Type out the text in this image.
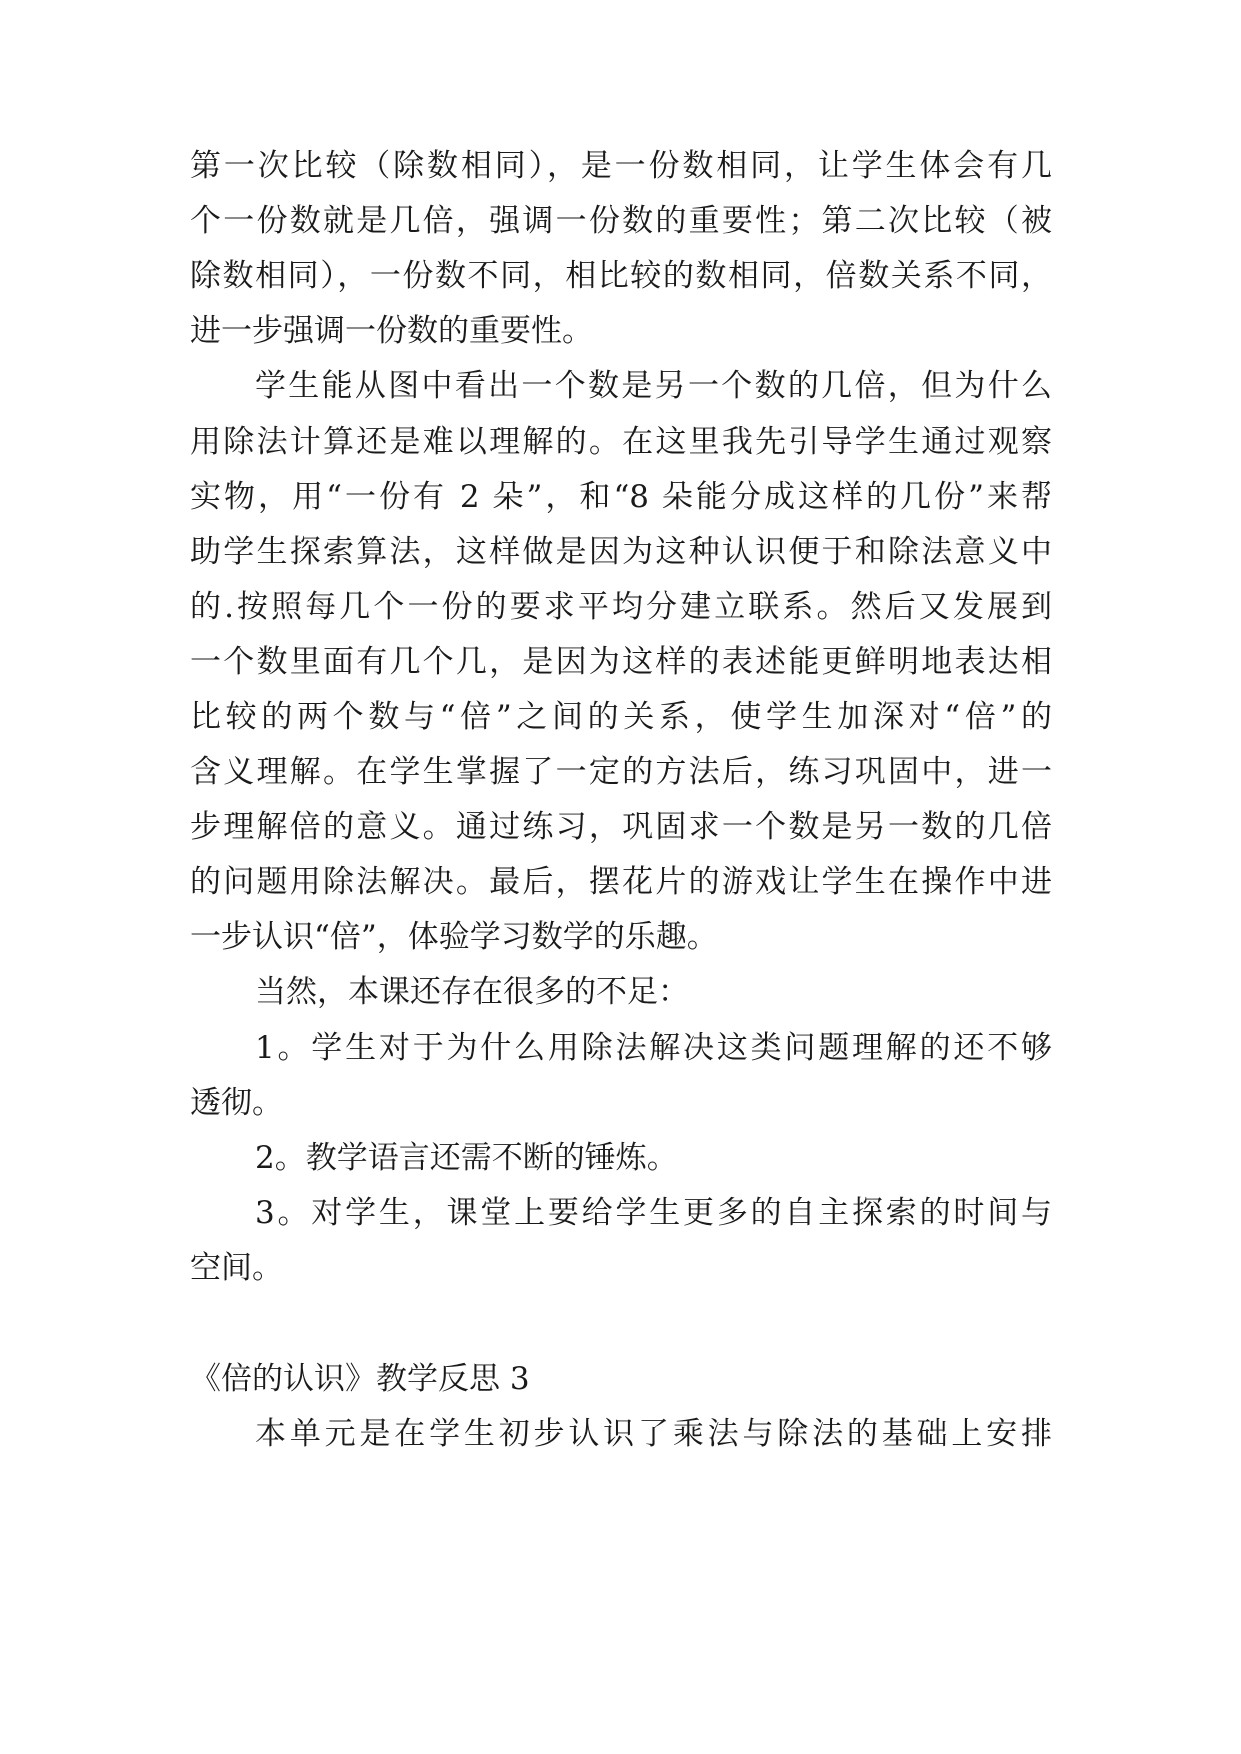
第一次比较（除数相同），是一份数相同，让学生体会有几
个一份数就是几倍，强调一份数的重要性；第二次比较（被
除数相同），一份数不同，相比较的数相同，倍数关系不同，
进一步强调一份数的重要性。
学生能从图中看出一个数是另一个数的几倍，但为什么
用除法计算还是难以理解的。在这里我先引导学生通过观察
实物，用“一份有 2 朵”，和“8 朵能分成这样的几份”来帮
助学生探索算法，这样做是因为这种认识便于和除法意义中
的.按照每几个一份的要求平均分建立联系。然后又发展到
一个数里面有几个几，是因为这样的表述能更鲜明地表达相
比较的两个数与“倍”之间的关系，使学生加深对“倍”的
含义理解。在学生掌握了一定的方法后，练习巩固中，进一
步理解倍的意义。通过练习，巩固求一个数是另一数的几倍
的问题用除法解决。最后，摆花片的游戏让学生在操作中进
一步认识“倍”，体验学习数学的乐趣。
当然，本课还存在很多的不足：
1。学生对于为什么用除法解决这类问题理解的还不够
透彻。
2。教学语言还需不断的锤炼。
3。对学生，课堂上要给学生更多的自主探索的时间与
空间。
《倍的认识》教学反思 3
本单元是在学生初步认识了乘法与除法的基础上安排
